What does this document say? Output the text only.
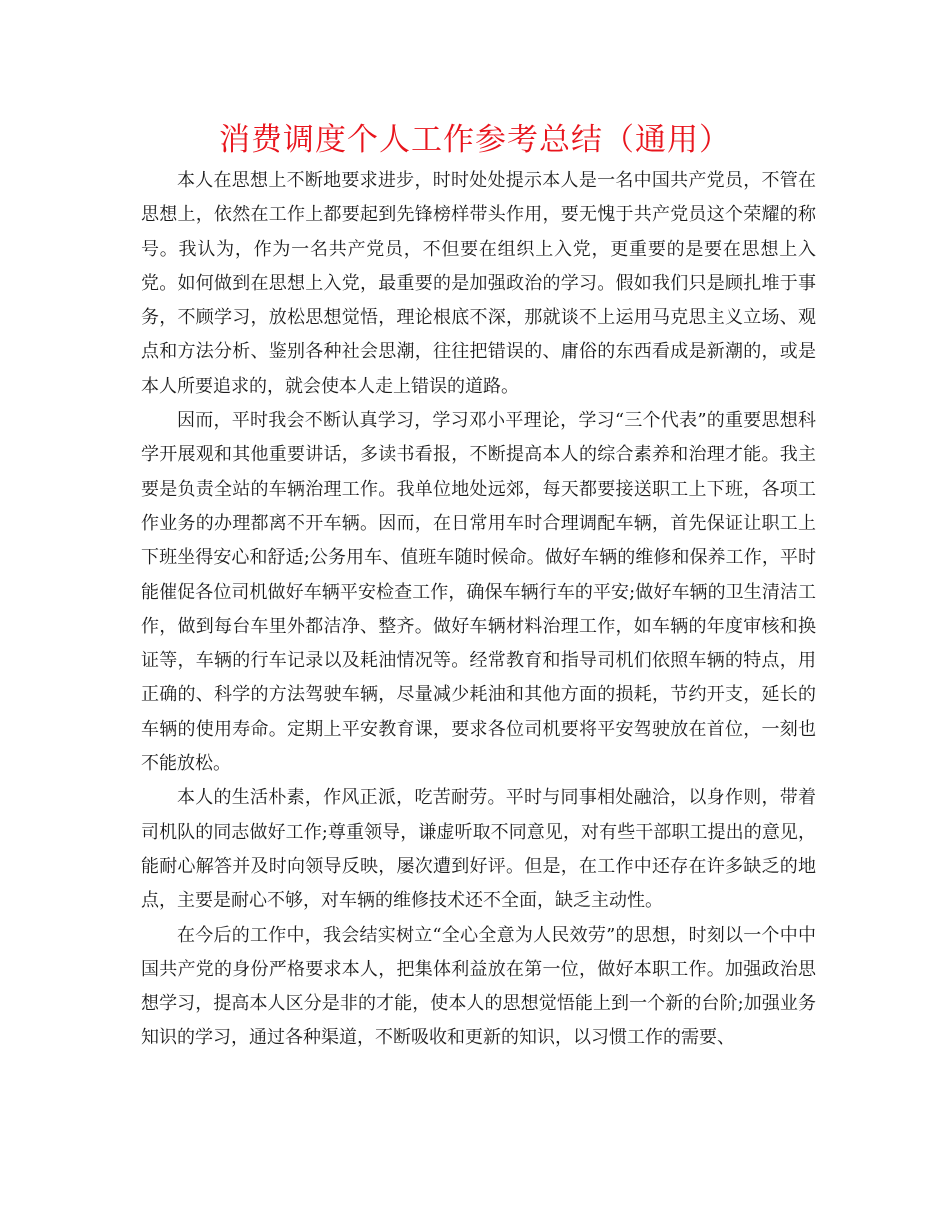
消费调度个人工作参考总结（通用）

本人在思想上不断地要求进步，时时处处提示本人是一名中国共产党员，不管在思想上，依然在工作上都要起到先锋榜样带头作用，要无愧于共产党员这个荣耀的称号。我认为，作为一名共产党员，不但要在组织上入党，更重要的是要在思想上入党。如何做到在思想上入党，最重要的是加强政治的学习。假如我们只是顾扎堆于事务，不顾学习，放松思想觉悟，理论根底不深，那就谈不上运用马克思主义立场、观点和方法分析、鉴别各种社会思潮，往往把错误的、庸俗的东西看成是新潮的，或是本人所要追求的，就会使本人走上错误的道路。

因而，平时我会不断认真学习，学习邓小平理论，学习“三个代表”的重要思想科学开展观和其他重要讲话，多读书看报，不断提高本人的综合素养和治理才能。我主要是负责全站的车辆治理工作。我单位地处远郊，每天都要接送职工上下班，各项工作业务的办理都离不开车辆。因而，在日常用车时合理调配车辆，首先保证让职工上下班坐得安心和舒适;公务用车、值班车随时候命。做好车辆的维修和保养工作，平时能催促各位司机做好车辆平安检查工作，确保车辆行车的平安;做好车辆的卫生清洁工作，做到每台车里外都洁净、整齐。做好车辆材料治理工作，如车辆的年度审核和换证等，车辆的行车记录以及耗油情况等。经常教育和指导司机们依照车辆的特点，用正确的、科学的方法驾驶车辆，尽量减少耗油和其他方面的损耗，节约开支，延长的车辆的使用寿命。定期上平安教育课，要求各位司机要将平安驾驶放在首位，一刻也不能放松。

本人的生活朴素，作风正派，吃苦耐劳。平时与同事相处融洽，以身作则，带着司机队的同志做好工作;尊重领导，谦虚听取不同意见，对有些干部职工提出的意见，能耐心解答并及时向领导反映，屡次遭到好评。但是，在工作中还存在许多缺乏的地点，主要是耐心不够，对车辆的维修技术还不全面，缺乏主动性。

在今后的工作中，我会结实树立“全心全意为人民效劳”的思想，时刻以一个中中国共产党的身份严格要求本人，把集体利益放在第一位，做好本职工作。加强政治思想学习，提高本人区分是非的才能，使本人的思想觉悟能上到一个新的台阶;加强业务知识的学习，通过各种渠道，不断吸收和更新的知识，以习惯工作的需要、
